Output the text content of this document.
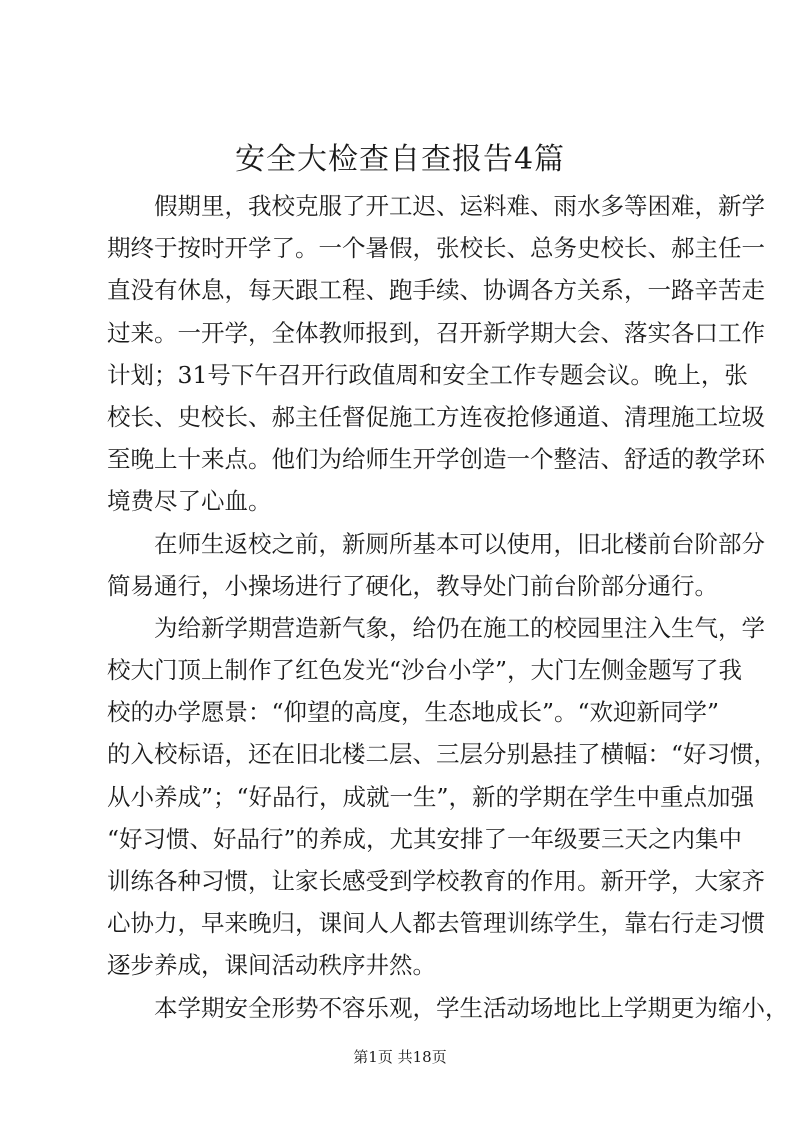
安全大检查自查报告4篇
假期里，我校克服了开工迟、运料难、雨水多等困难，新学
期终于按时开学了。一个暑假，张校长、总务史校长、郝主任一
直没有休息，每天跟工程、跑手续、协调各方关系，一路辛苦走
过来。一开学，全体教师报到，召开新学期大会、落实各口工作
计划；31号下午召开行政值周和安全工作专题会议。晚上，张
校长、史校长、郝主任督促施工方连夜抢修通道、清理施工垃圾
至晚上十来点。他们为给师生开学创造一个整洁、舒适的教学环
境费尽了心血。
在师生返校之前，新厕所基本可以使用，旧北楼前台阶部分
简易通行，小操场进行了硬化，教导处门前台阶部分通行。
为给新学期营造新气象，给仍在施工的校园里注入生气，学
校大门顶上制作了红色发光“沙台小学”，大门左侧金题写了我
校的办学愿景：“仰望的高度，生态地成长”。“欢迎新同学”
的入校标语，还在旧北楼二层、三层分别悬挂了横幅：“好习惯，
从小养成”；“好品行，成就一生”，新的学期在学生中重点加强
“好习惯、好品行”的养成，尤其安排了一年级要三天之内集中
训练各种习惯，让家长感受到学校教育的作用。新开学，大家齐
心协力，早来晚归，课间人人都去管理训练学生，靠右行走习惯
逐步养成，课间活动秩序井然。
本学期安全形势不容乐观，学生活动场地比上学期更为缩小，
第1页 共18页
